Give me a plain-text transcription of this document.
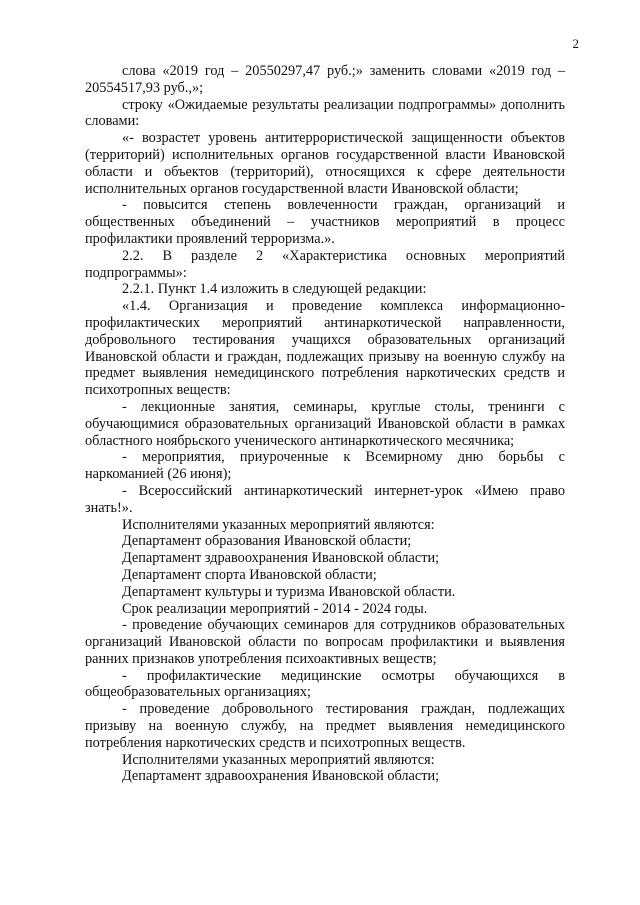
2

слова «2019 год – 20550297,47 руб.;» заменить словами «2019 год – 20554517,93 руб.,»;

строку «Ожидаемые результаты реализации подпрограммы» дополнить словами:

«- возрастет уровень антитеррористической защищенности объектов (территорий) исполнительных органов государственной власти Ивановской области и объектов (территорий), относящихся к сфере деятельности исполнительных органов государственной власти Ивановской области;

- повысится степень вовлеченности граждан, организаций и общественных объединений – участников мероприятий в процесс профилактики проявлений терроризма.».

2.2. В разделе 2 «Характеристика основных мероприятий подпрограммы»:

2.2.1. Пункт 1.4 изложить в следующей редакции:

«1.4. Организация и проведение комплекса информационно-профилактических мероприятий антинаркотической направленности, добровольного тестирования учащихся образовательных организаций Ивановской области и граждан, подлежащих призыву на военную службу на предмет выявления немедицинского потребления наркотических средств и психотропных веществ:

- лекционные занятия, семинары, круглые столы, тренинги с обучающимися образовательных организаций Ивановской области в рамках областного ноябрьского ученического антинаркотического месячника;

- мероприятия, приуроченные к Всемирному дню борьбы с наркоманией (26 июня);

- Всероссийский антинаркотический интернет-урок «Имею право знать!».

Исполнителями указанных мероприятий являются:

Департамент образования Ивановской области;

Департамент здравоохранения Ивановской области;

Департамент спорта Ивановской области;

Департамент культуры и туризма Ивановской области.

Срок реализации мероприятий - 2014 - 2024 годы.

- проведение обучающих семинаров для сотрудников образовательных организаций Ивановской области по вопросам профилактики и выявления ранних признаков употребления психоактивных веществ;

- профилактические медицинские осмотры обучающихся в общеобразовательных организациях;

- проведение добровольного тестирования граждан, подлежащих призыву на военную службу, на предмет выявления немедицинского потребления наркотических средств и психотропных веществ.

Исполнителями указанных мероприятий являются:

Департамент здравоохранения Ивановской области;
